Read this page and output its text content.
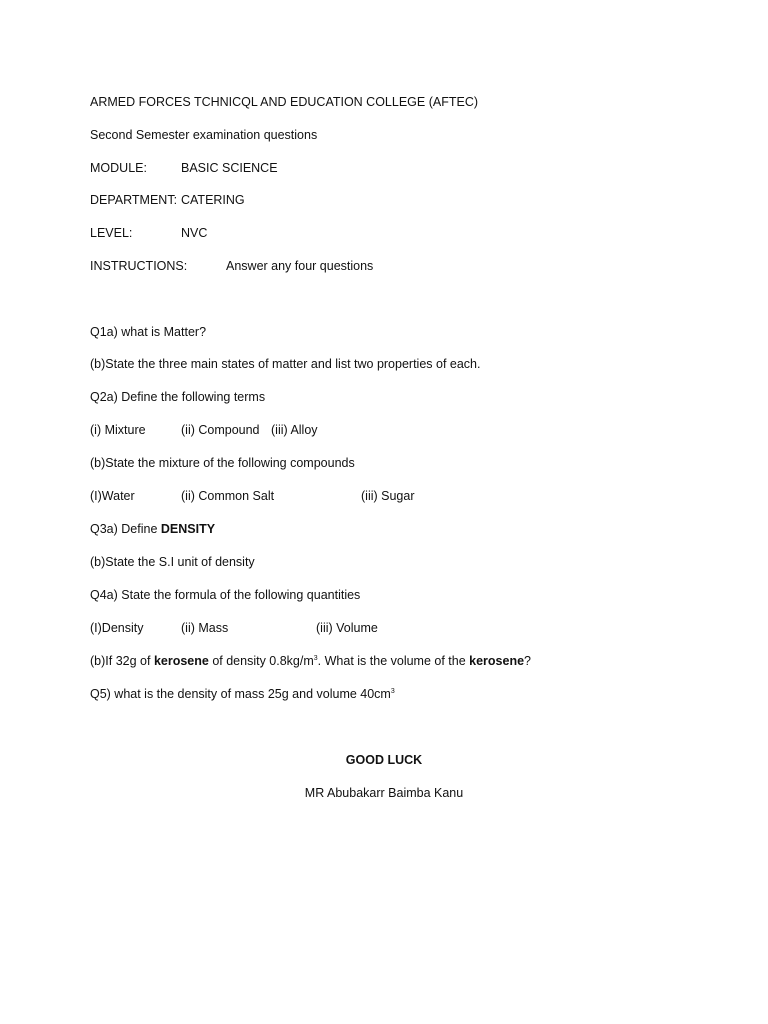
ARMED FORCES TCHNICQL AND EDUCATION COLLEGE (AFTEC)
Second Semester examination questions
MODULE:	BASIC SCIENCE
DEPARTMENT: CATERING
LEVEL:	NVC
INSTRUCTIONS:	Answer any four questions
Q1a) what is Matter?
(b)State the three main states of matter and list two properties of each.
Q2a) Define the following terms
(i) Mixture	(ii) Compound (iii) Alloy
(b)State the mixture of the following compounds
(I)Water	(ii) Common Salt	(iii) Sugar
Q3a) Define DENSITY
(b)State the S.I unit of density
Q4a) State the formula of the following quantities
(I)Density	(ii) Mass	(iii) Volume
(b)If 32g of kerosene of density $0.8kg/m^3$. What is the volume of the kerosene?
Q5) what is the density of mass 25g and volume $40cm^3$
GOOD LUCK
MR Abubakarr Baimba Kanu
